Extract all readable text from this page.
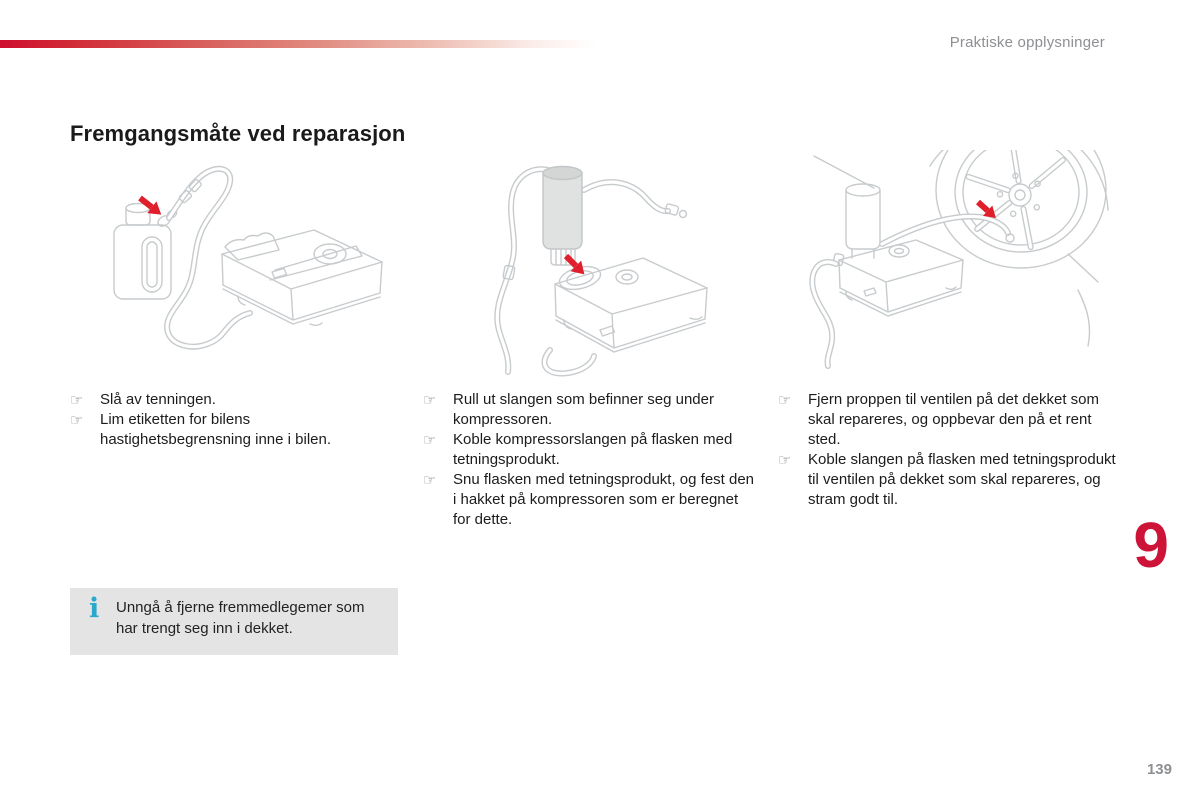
Praktiske opplysninger
Fremgangsmåte ved reparasjon
☞	Slå av tenningen.
☞	Lim etiketten for bilens hastighetsbegrensning inne i bilen.
☞	Rull ut slangen som befinner seg under kompressoren.
☞	Koble kompressorslangen på flasken med tetningsprodukt.
☞	Snu flasken med tetningsprodukt, og fest den i hakket på kompressoren som er beregnet for dette.
☞	Fjern proppen til ventilen på det dekket som skal repareres, og oppbevar den på et rent sted.
☞	Koble slangen på flasken med tetningsprodukt til ventilen på dekket som skal repareres, og stram godt til.
i Unngå å fjerne fremmedlegemer som har trengt seg inn i dekket.

9
139
